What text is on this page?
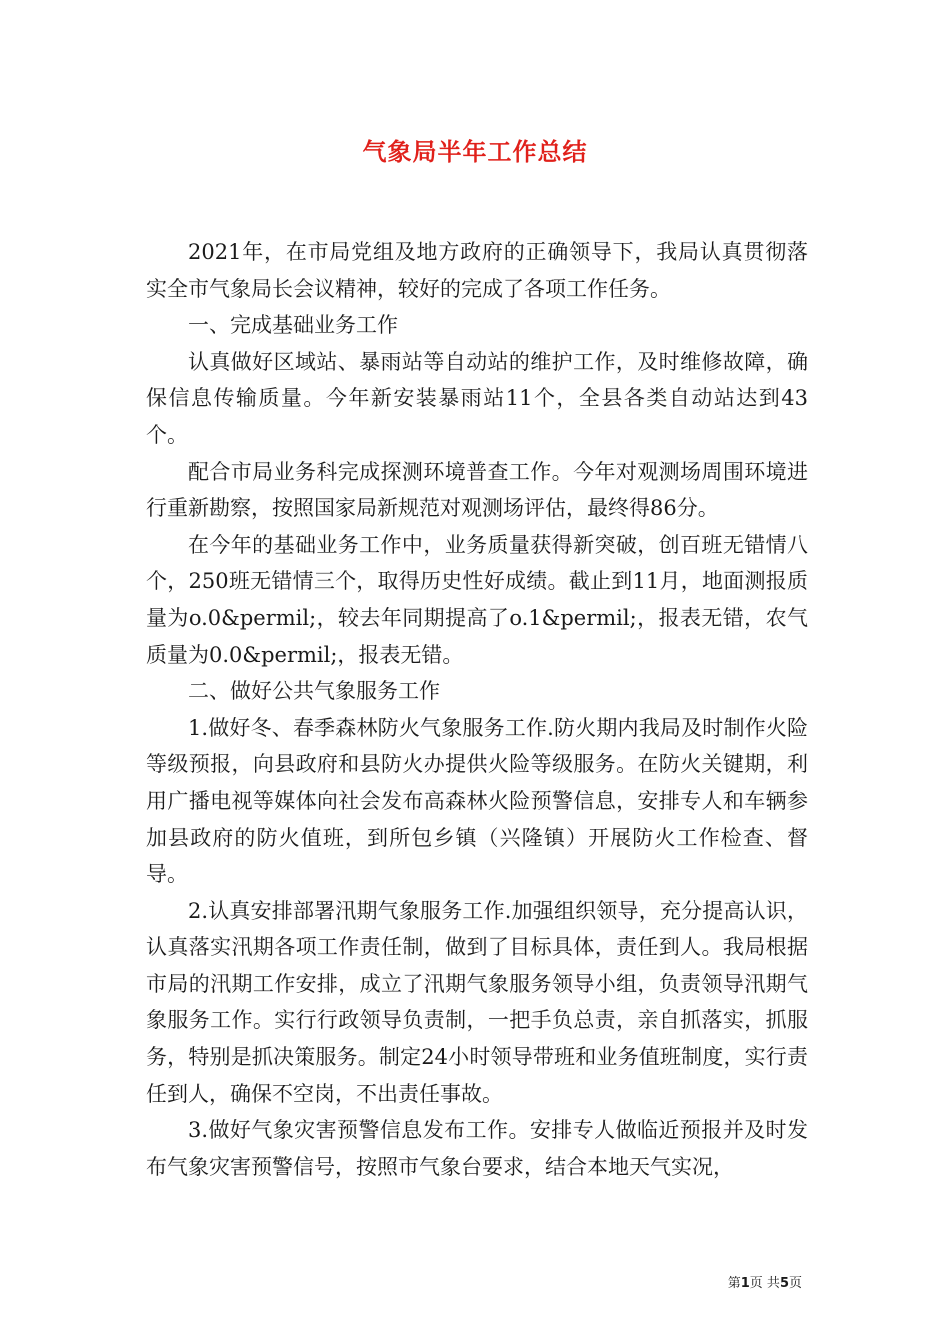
气象局半年工作总结

2021年，在市局党组及地方政府的正确领导下，我局认真贯彻落实全市气象局长会议精神，较好的完成了各项工作任务。

一、完成基础业务工作

认真做好区域站、暴雨站等自动站的维护工作，及时维修故障，确保信息传输质量。今年新安装暴雨站11个，全县各类自动站达到43个。

配合市局业务科完成探测环境普查工作。今年对观测场周围环境进行重新勘察，按照国家局新规范对观测场评估，最终得86分。

在今年的基础业务工作中，业务质量获得新突破，创百班无错情八个，250班无错情三个，取得历史性好成绩。截止到11月，地面测报质量为o.0&permil;，较去年同期提高了o.1&permil;，报表无错，农气质量为0.0&permil;，报表无错。

二、做好公共气象服务工作

1.做好冬、春季森林防火气象服务工作.防火期内我局及时制作火险等级预报，向县政府和县防火办提供火险等级服务。在防火关键期，利用广播电视等媒体向社会发布高森林火险预警信息，安排专人和车辆参加县政府的防火值班，到所包乡镇（兴隆镇）开展防火工作检查、督导。

2.认真安排部署汛期气象服务工作.加强组织领导，充分提高认识，认真落实汛期各项工作责任制，做到了目标具体，责任到人。我局根据市局的汛期工作安排，成立了汛期气象服务领导小组，负责领导汛期气象服务工作。实行行政领导负责制，一把手负总责，亲自抓落实，抓服务，特别是抓决策服务。制定24小时领导带班和业务值班制度，实行责任到人，确保不空岗，不出责任事故。

3.做好气象灾害预警信息发布工作。安排专人做临近预报并及时发布气象灾害预警信号，按照市气象台要求，结合本地天气实况，

第1页 共5页
